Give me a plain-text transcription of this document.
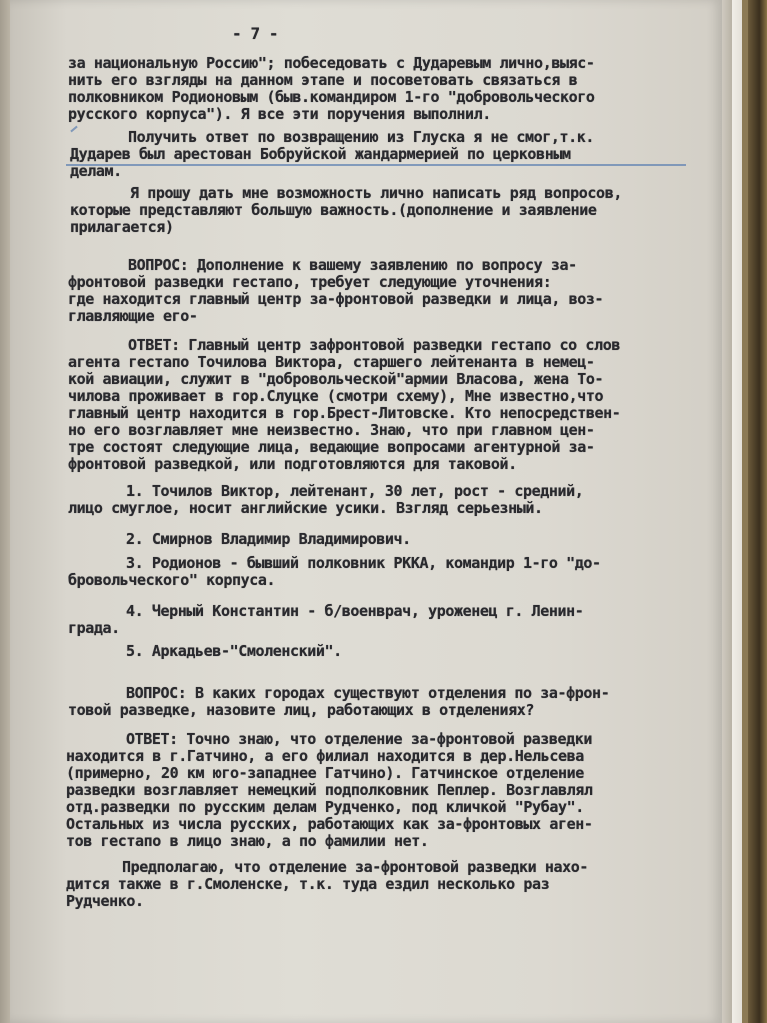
- 7 -

за национальную Россию"; побеседовать с Дударевым лично,выяс-

нить его взгляды на данном этапе и посоветовать связаться в

полковником Родионовым (быв.командиром 1-го "добровольческого

русского корпуса"). Я все эти поручения выполнил.

Получить ответ по возвращению из Глуска я не смог,т.к.

Дударев был арестован Бобруйской жандармерией по церковным

делам.

Я прошу дать мне возможность лично написать ряд вопросов,

которые представляют большую важность.(дополнение и заявление

прилагается)

ВОПРОС: Дополнение к вашему заявлению по вопросу за-

фронтовой разведки гестапо, требует следующие уточнения:

где находится главный центр за-фронтовой разведки и лица, воз-

главляющие его-

ОТВЕТ: Главный центр зафронтовой разведки гестапо со слов

агента гестапо Точилова Виктора, старшего лейтенанта в немец-

кой авиации, служит в "добровольческой"армии Власова, жена То-

чилова проживает в гор.Слуцке (смотри схему), Мне известно,что

главный центр находится в гор.Брест-Литовске. Кто непосредствен-

но его возглавляет мне неизвестно. Знаю, что при главном цен-

тре состоят следующие лица, ведающие вопросами агентурной за-

фронтовой разведкой, или подготовляются для таковой.

1. Точилов Виктор, лейтенант, 30 лет, рост - средний,

лицо смуглое, носит английские усики. Взгляд серьезный.

2. Смирнов Владимир Владимирович.

3. Родионов - бывший полковник РККА, командир 1-го "до-

бровольческого" корпуса.

4. Черный Константин - б/военврач, уроженец г. Ленин-

града.

5. Аркадьев-"Смоленский".

ВОПРОС: В каких городах существуют отделения по за-фрон-

товой разведке, назовите лиц, работающих в отделениях?

ОТВЕТ: Точно знаю, что отделение за-фронтовой разведки

находится в г.Гатчино, а его филиал находится в дер.Нельсева

(примерно, 20 км юго-западнее Гатчино). Гатчинское отделение

разведки возглавляет немецкий подполковник Пеплер. Возглавлял

отд.разведки по русским делам Рудченко, под кличкой "Рубау".

Остальных из числа русских, работающих как за-фронтовых аген-

тов гестапо в лицо знаю, а по фамилии нет.

Предполагаю, что отделение за-фронтовой разведки нахо-

дится также в г.Смоленске, т.к. туда ездил несколько раз

Рудченко.
